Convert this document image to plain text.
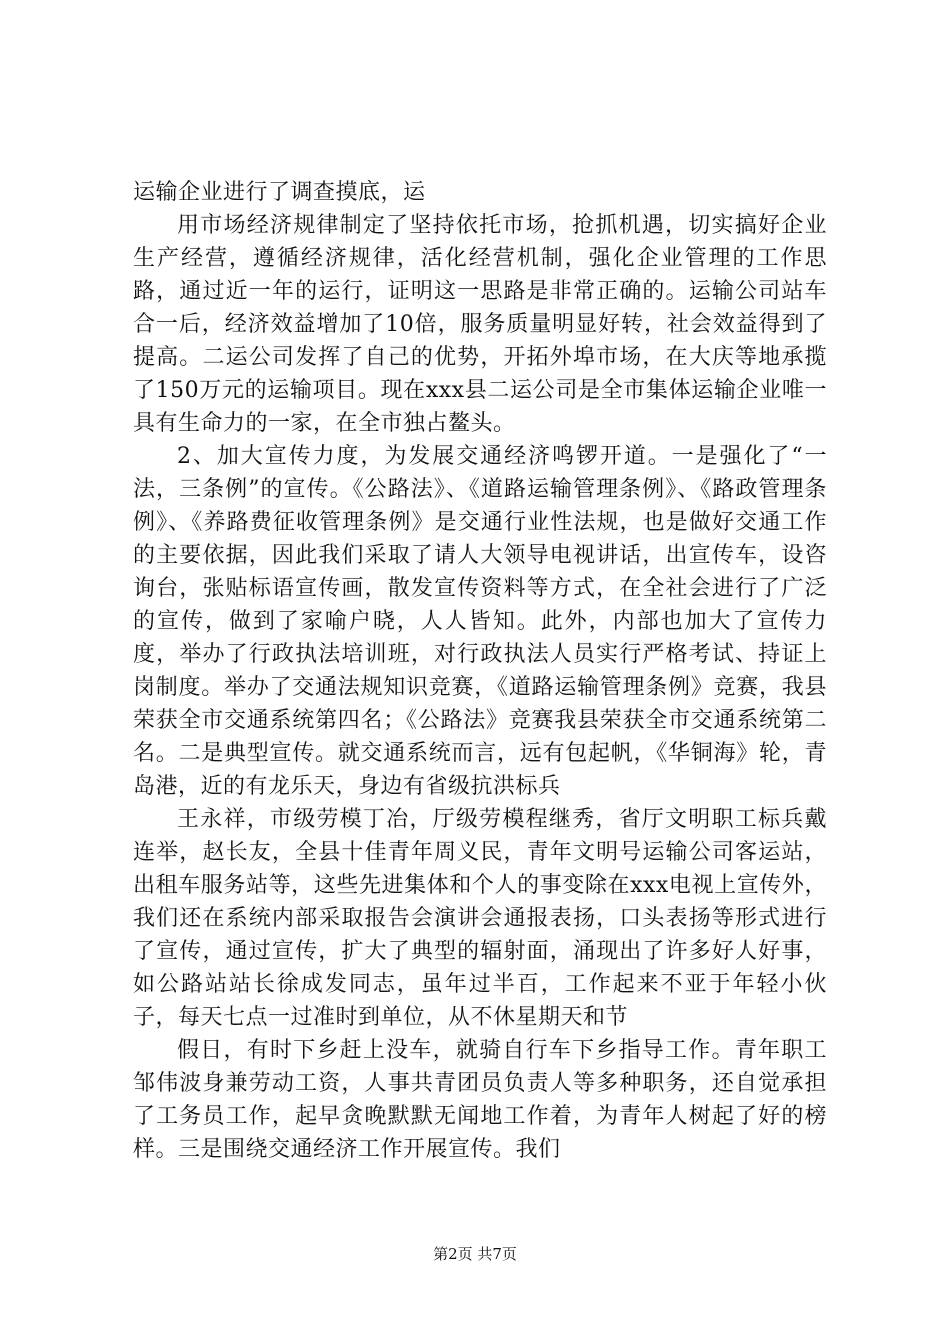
运输企业进行了调查摸底，运

用市场经济规律制定了坚持依托市场，抢抓机遇，切实搞好企业生产经营，遵循经济规律，活化经营机制，强化企业管理的工作思路，通过近一年的运行，证明这一思路是非常正确的。运输公司站车合一后，经济效益增加了10倍，服务质量明显好转，社会效益得到了提高。二运公司发挥了自己的优势，开拓外埠市场，在大庆等地承揽了150万元的运输项目。现在xxx县二运公司是全市集体运输企业唯一具有生命力的一家，在全市独占鳌头。

2、加大宣传力度，为发展交通经济鸣锣开道。一是强化了“一法，三条例”的宣传。《公路法》、《道路运输管理条例》、《路政管理条例》、《养路费征收管理条例》是交通行业性法规，也是做好交通工作的主要依据，因此我们采取了请人大领导电视讲话，出宣传车，设咨询台，张贴标语宣传画，散发宣传资料等方式，在全社会进行了广泛的宣传，做到了家喻户晓，人人皆知。此外，内部也加大了宣传力度，举办了行政执法培训班，对行政执法人员实行严格考试、持证上岗制度。举办了交通法规知识竞赛，《道路运输管理条例》竞赛，我县荣获全市交通系统第四名；《公路法》竞赛我县荣获全市交通系统第二名。二是典型宣传。就交通系统而言，远有包起帆，《华铜海》轮，青岛港，近的有龙乐天，身边有省级抗洪标兵

王永祥，市级劳模丁冶，厅级劳模程继秀，省厅文明职工标兵戴连举，赵长友，全县十佳青年周义民，青年文明号运输公司客运站，出租车服务站等，这些先进集体和个人的事变除在xxx电视上宣传外，我们还在系统内部采取报告会演讲会通报表扬，口头表扬等形式进行了宣传，通过宣传，扩大了典型的辐射面，涌现出了许多好人好事，如公路站站长徐成发同志，虽年过半百，工作起来不亚于年轻小伙子，每天七点一过准时到单位，从不休星期天和节

假日，有时下乡赶上没车，就骑自行车下乡指导工作。青年职工邹伟波身兼劳动工资，人事共青团员负责人等多种职务，还自觉承担了工务员工作，起早贪晚默默无闻地工作着，为青年人树起了好的榜样。三是围绕交通经济工作开展宣传。我们

第2页 共7页
